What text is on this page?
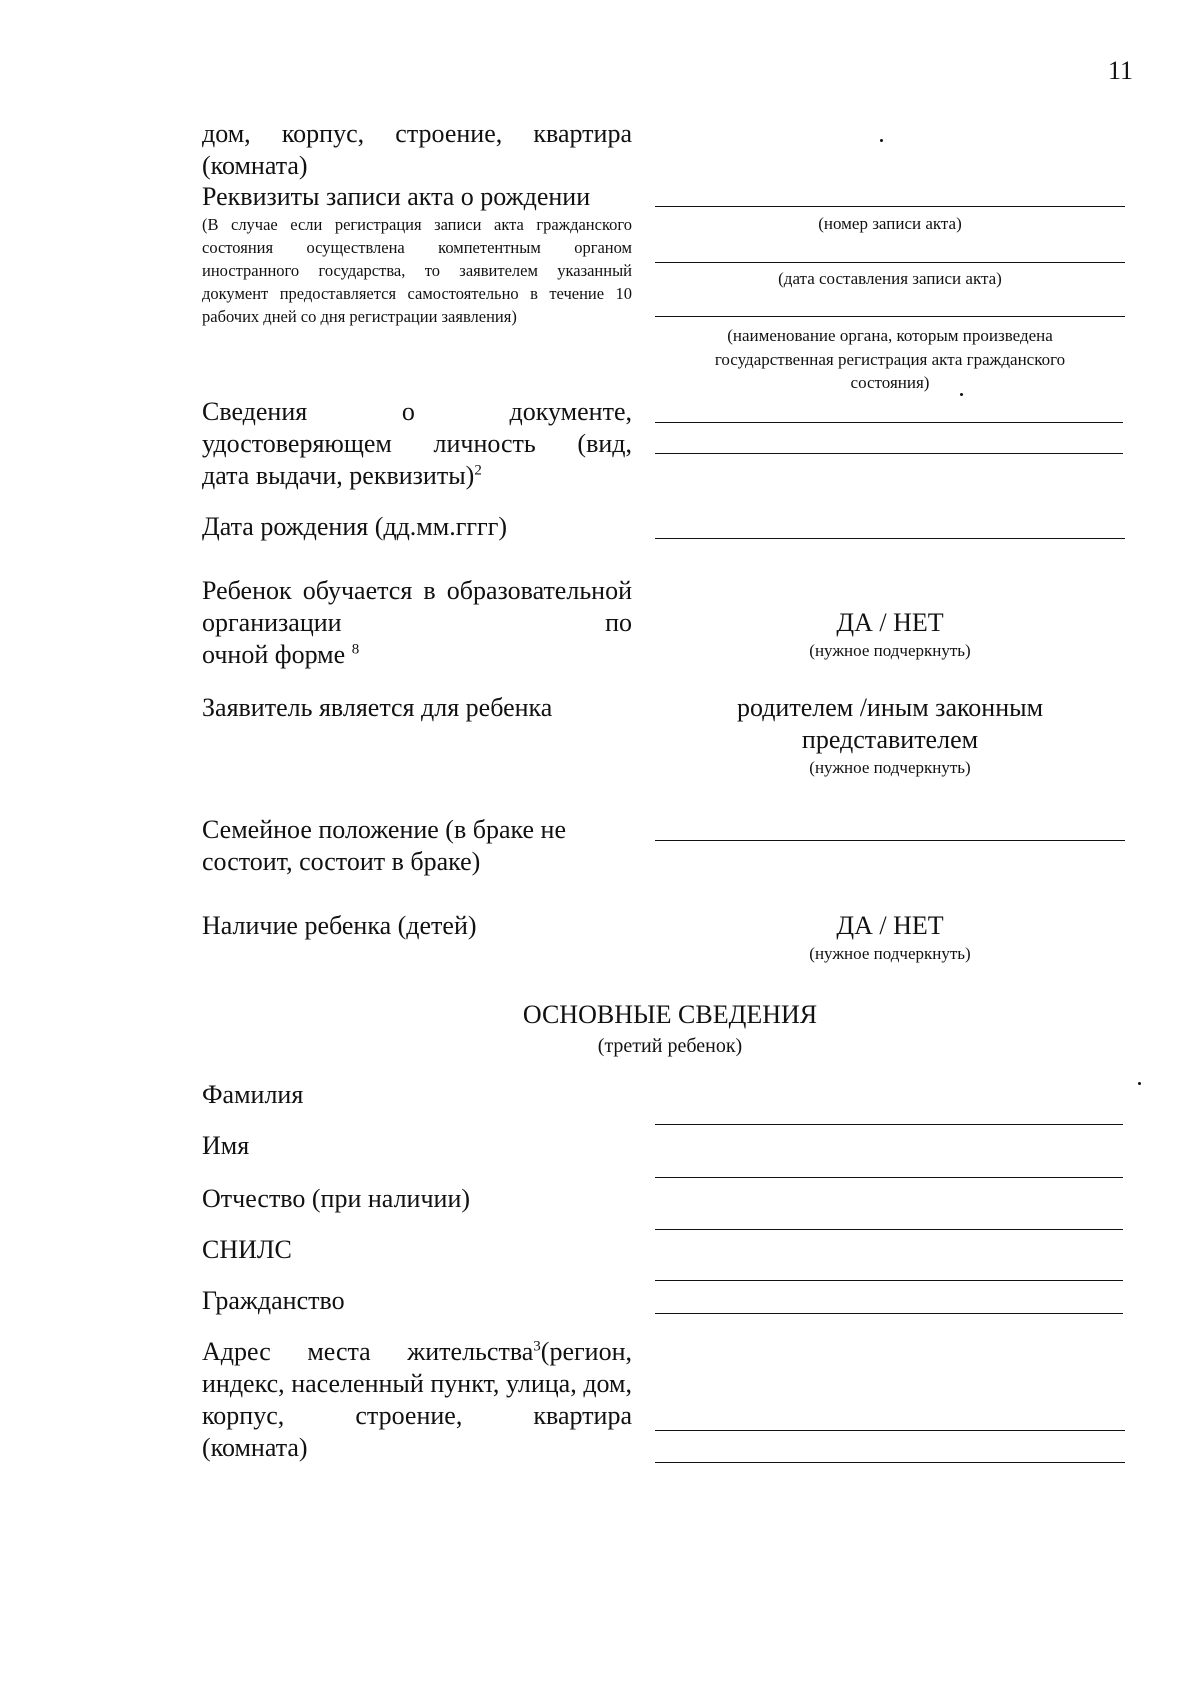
11
дом, корпус, строение, квартира
(комната)
Реквизиты записи акта о рождении
(В случае если регистрация записи акта гражданского состояния осуществлена компетентным органом иностранного государства, то заявителем указанный документ предоставляется самостоятельно в течение 10 рабочих дней со дня регистрации заявления)
(номер записи акта)
(дата составления записи акта)
(наименование органа, которым произведена
государственная регистрация акта гражданского
состояния)
Сведения о документе, удостоверяющем личность (вид,
дата выдачи, реквизиты)$^2$
Дата рождения (дд.мм.гггг)
Ребенок обучается в образовательной организации по
очной форме $^8$
ДА / НЕТ
(нужное подчеркнуть)
Заявитель является для ребенка	родителем /иным законным
представителем
(нужное подчеркнуть)
Семейное положение (в браке не
состоит, состоит в браке)
Наличие ребенка (детей)	ДА / НЕТ
(нужное подчеркнуть)
ОСНОВНЫЕ СВЕДЕНИЯ
(третий ребенок)
Фамилия
Имя
Отчество (при наличии)
СНИЛС
Гражданство
Адрес места жительства$^3$(регион, индекс, населенный пункт, улица, дом, корпус, строение, квартира
(комната)
